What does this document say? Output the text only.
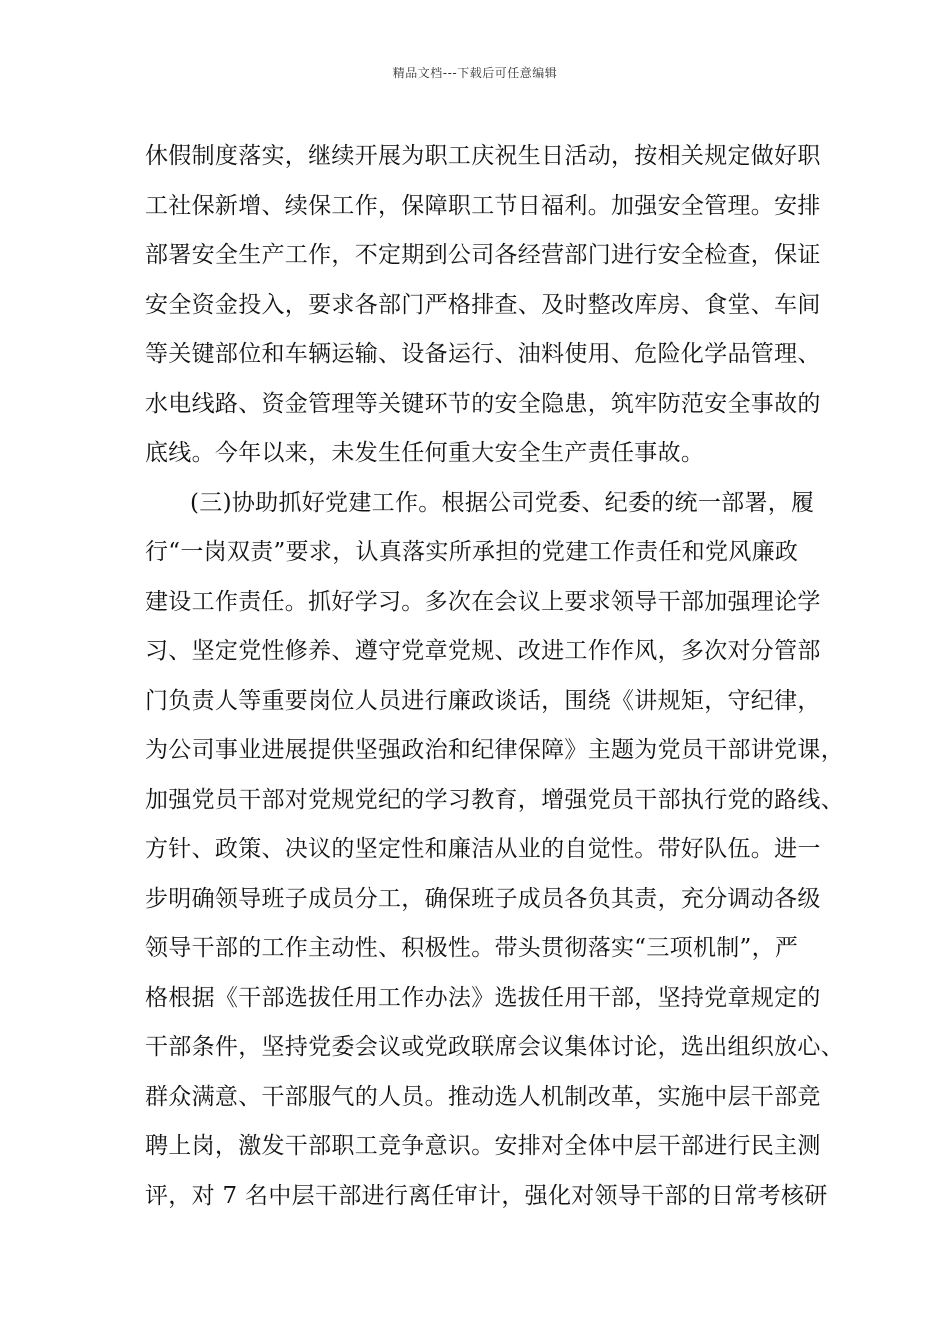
精品文档---下载后可任意编辑
休假制度落实，继续开展为职工庆祝生日活动，按相关规定做好职
工社保新增、续保工作，保障职工节日福利。加强安全管理。安排
部署安全生产工作，不定期到公司各经营部门进行安全检查，保证
安全资金投入，要求各部门严格排查、及时整改库房、食堂、车间
等关键部位和车辆运输、设备运行、油料使用、危险化学品管理、
水电线路、资金管理等关键环节的安全隐患，筑牢防范安全事故的
底线。今年以来，未发生任何重大安全生产责任事故。
(三)协助抓好党建工作。根据公司党委、纪委的统一部署，履
行“一岗双责”要求，认真落实所承担的党建工作责任和党风廉政
建设工作责任。抓好学习。多次在会议上要求领导干部加强理论学
习、坚定党性修养、遵守党章党规、改进工作作风，多次对分管部
门负责人等重要岗位人员进行廉政谈话，围绕《讲规矩，守纪律，
为公司事业进展提供坚强政治和纪律保障》主题为党员干部讲党课，
加强党员干部对党规党纪的学习教育，增强党员干部执行党的路线、
方针、政策、决议的坚定性和廉洁从业的自觉性。带好队伍。进一
步明确领导班子成员分工，确保班子成员各负其责，充分调动各级
领导干部的工作主动性、积极性。带头贯彻落实“三项机制”，严
格根据《干部选拔任用工作办法》选拔任用干部，坚持党章规定的
干部条件，坚持党委会议或党政联席会议集体讨论，选出组织放心、
群众满意、干部服气的人员。推动选人机制改革，实施中层干部竞
聘上岗，激发干部职工竞争意识。安排对全体中层干部进行民主测
评，对 7 名中层干部进行离任审计，强化对领导干部的日常考核研
